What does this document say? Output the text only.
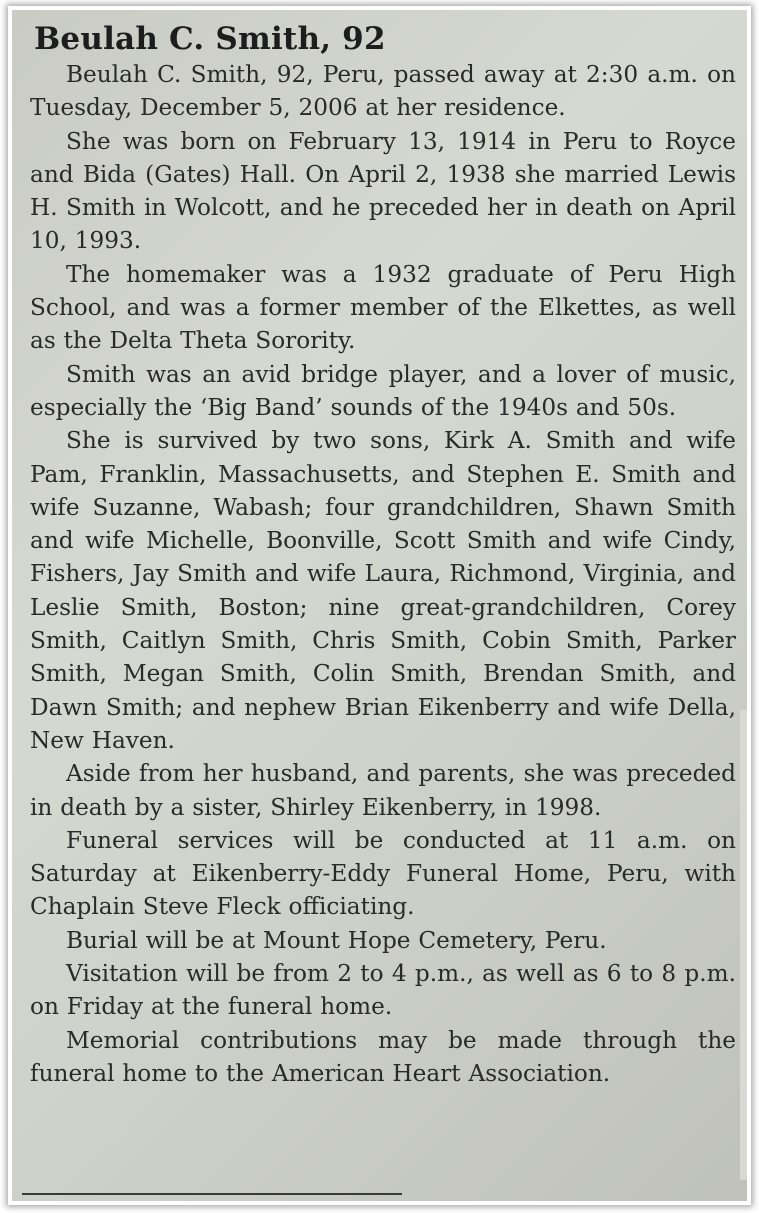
Beulah C. Smith, 92

Beulah C. Smith, 92, Peru, passed away at 2:30 a.m. on Tuesday, December 5, 2006 at her residence.

She was born on February 13, 1914 in Peru to Royce and Bida (Gates) Hall. On April 2, 1938 she married Lewis H. Smith in Wolcott, and he preceded her in death on April 10, 1993.

The homemaker was a 1932 graduate of Peru High School, and was a former member of the Elkettes, as well as the Delta Theta Sorority.

Smith was an avid bridge player, and a lover of music, especially the ‘Big Band’ sounds of the 1940s and 50s.

She is survived by two sons, Kirk A. Smith and wife Pam, Franklin, Massachusetts, and Stephen E. Smith and wife Suzanne, Wabash; four grandchildren, Shawn Smith and wife Michelle, Boonville, Scott Smith and wife Cindy, Fishers, Jay Smith and wife Laura, Richmond, Virginia, and Leslie Smith, Boston; nine great-grandchildren, Corey Smith, Caitlyn Smith, Chris Smith, Cobin Smith, Parker Smith, Megan Smith, Colin Smith, Brendan Smith, and Dawn Smith; and nephew Brian Eikenberry and wife Della, New Haven.

Aside from her husband, and parents, she was preceded in death by a sister, Shirley Eikenberry, in 1998.

Funeral services will be conducted at 11 a.m. on Saturday at Eikenberry-Eddy Funeral Home, Peru, with Chaplain Steve Fleck officiating.

Burial will be at Mount Hope Cemetery, Peru.

Visitation will be from 2 to 4 p.m., as well as 6 to 8 p.m. on Friday at the funeral home.

Memorial contributions may be made through the funeral home to the American Heart Association.
